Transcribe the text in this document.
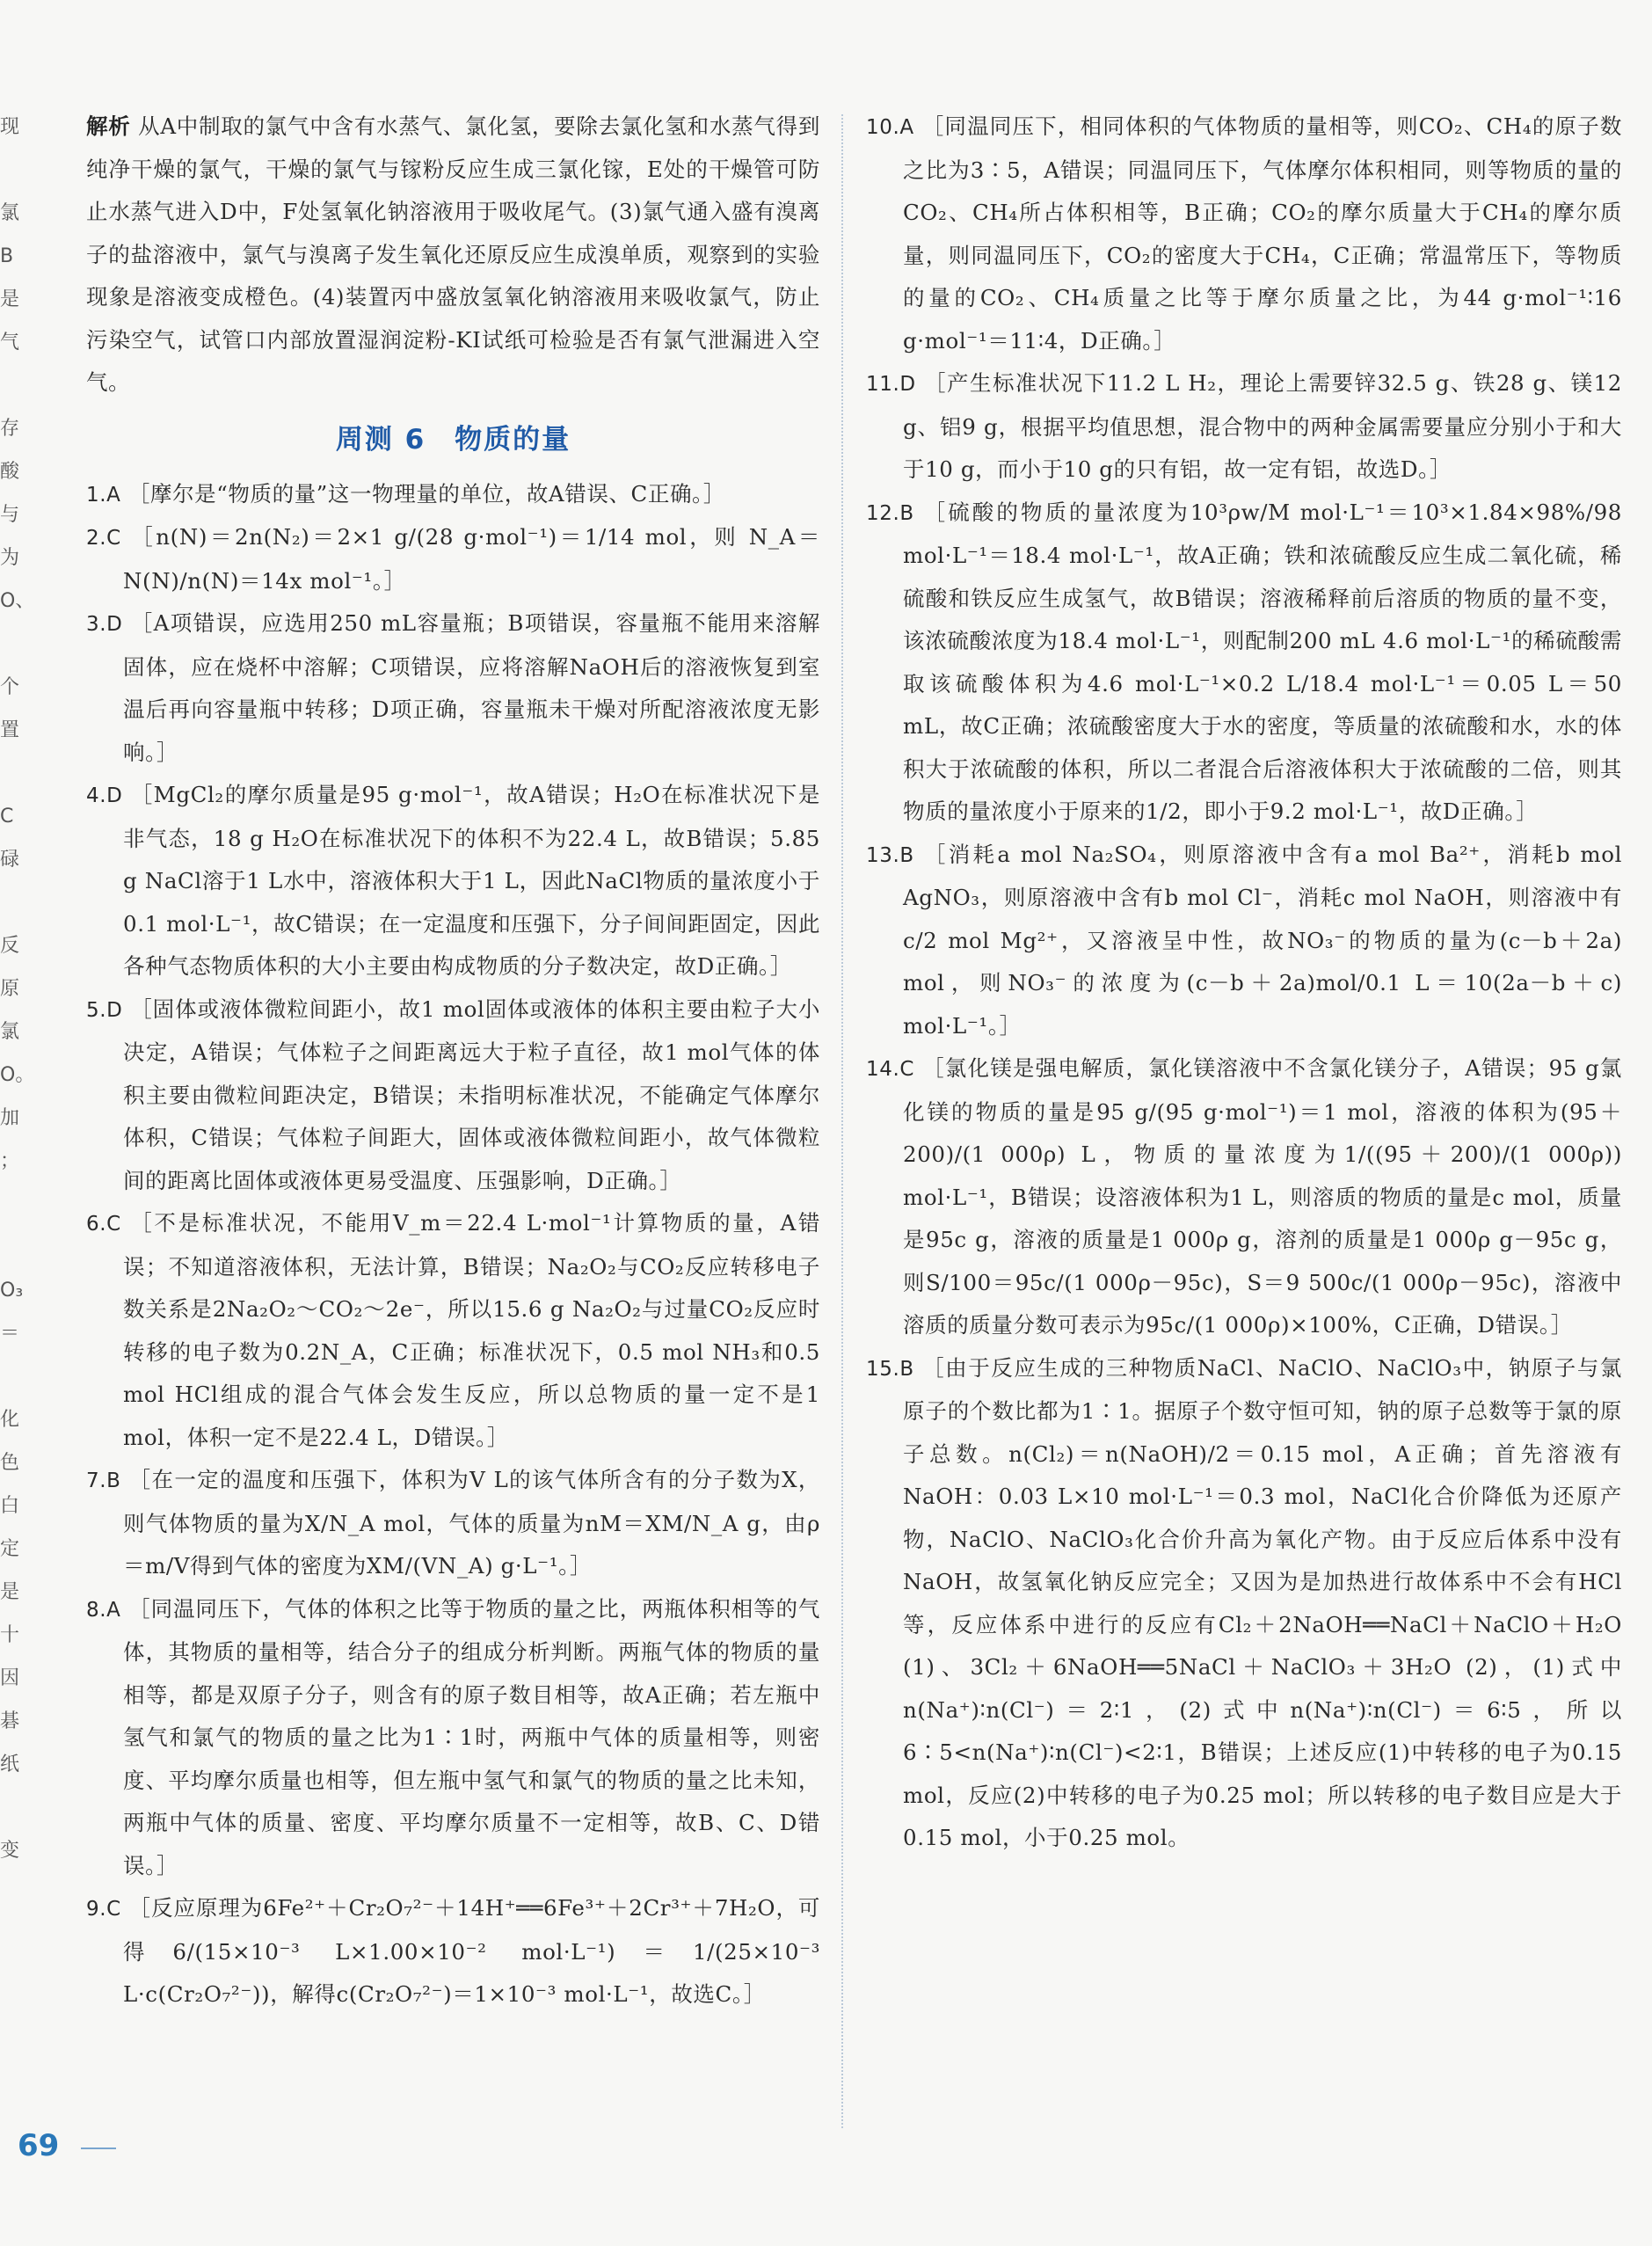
现

氯
B
是
气

存
酸
与
为
O、

个
置

C
碌

反
原
氯
O。
加
；

O₃
＝

化
色
白
定
是
十
因
碁
纸

变

解析 从A中制取的氯气中含有水蒸气、氯化氢，要除去氯化氢和水蒸气得到纯净干燥的氯气，干燥的氯气与镓粉反应生成三氯化镓，E处的干燥管可防止水蒸气进入D中，F处氢氧化钠溶液用于吸收尾气。(3)氯气通入盛有溴离子的盐溶液中，氯气与溴离子发生氧化还原反应生成溴单质，观察到的实验现象是溶液变成橙色。(4)装置丙中盛放氢氧化钠溶液用来吸收氯气，防止污染空气，试管口内部放置湿润淀粉-KI试纸可检验是否有氯气泄漏进入空气。

周测 6　物质的量

1.A ［摩尔是“物质的量”这一物理量的单位，故A错误、C正确。］

2.C ［n(N)＝2n(N₂)＝2×1 g/(28 g·mol⁻¹)＝1/14 mol，则 N_A＝N(N)/n(N)＝14x mol⁻¹。］

3.D ［A项错误，应选用250 mL容量瓶；B项错误，容量瓶不能用来溶解固体，应在烧杯中溶解；C项错误，应将溶解NaOH后的溶液恢复到室温后再向容量瓶中转移；D项正确，容量瓶未干燥对所配溶液浓度无影响。］

4.D ［MgCl₂的摩尔质量是95 g·mol⁻¹，故A错误；H₂O在标准状况下是非气态，18 g H₂O在标准状况下的体积不为22.4 L，故B错误；5.85 g NaCl溶于1 L水中，溶液体积大于1 L，因此NaCl物质的量浓度小于0.1 mol·L⁻¹，故C错误；在一定温度和压强下，分子间间距固定，因此各种气态物质体积的大小主要由构成物质的分子数决定，故D正确。］

5.D ［固体或液体微粒间距小，故1 mol固体或液体的体积主要由粒子大小决定，A错误；气体粒子之间距离远大于粒子直径，故1 mol气体的体积主要由微粒间距决定，B错误；未指明标准状况，不能确定气体摩尔体积，C错误；气体粒子间距大，固体或液体微粒间距小，故气体微粒间的距离比固体或液体更易受温度、压强影响，D正确。］

6.C ［不是标准状况，不能用V_m＝22.4 L·mol⁻¹计算物质的量，A错误；不知道溶液体积，无法计算，B错误；Na₂O₂与CO₂反应转移电子数关系是2Na₂O₂～CO₂～2e⁻，所以15.6 g Na₂O₂与过量CO₂反应时转移的电子数为0.2N_A，C正确；标准状况下，0.5 mol NH₃和0.5 mol HCl组成的混合气体会发生反应，所以总物质的量一定不是1 mol，体积一定不是22.4 L，D错误。］

7.B ［在一定的温度和压强下，体积为V L的该气体所含有的分子数为X，则气体物质的量为X/N_A mol，气体的质量为nM＝XM/N_A g，由ρ＝m/V得到气体的密度为XM/(VN_A) g·L⁻¹。］

8.A ［同温同压下，气体的体积之比等于物质的量之比，两瓶体积相等的气体，其物质的量相等，结合分子的组成分析判断。两瓶气体的物质的量相等，都是双原子分子，则含有的原子数目相等，故A正确；若左瓶中氢气和氯气的物质的量之比为1∶1时，两瓶中气体的质量相等，则密度、平均摩尔质量也相等，但左瓶中氢气和氯气的物质的量之比未知，两瓶中气体的质量、密度、平均摩尔质量不一定相等，故B、C、D错误。］

9.C ［反应原理为6Fe²⁺＋Cr₂O₇²⁻＋14H⁺══6Fe³⁺＋2Cr³⁺＋7H₂O，可得6/(15×10⁻³ L×1.00×10⁻² mol·L⁻¹)＝1/(25×10⁻³ L·c(Cr₂O₇²⁻))，解得c(Cr₂O₇²⁻)＝1×10⁻³ mol·L⁻¹，故选C。］

10.A ［同温同压下，相同体积的气体物质的量相等，则CO₂、CH₄的原子数之比为3∶5，A错误；同温同压下，气体摩尔体积相同，则等物质的量的CO₂、CH₄所占体积相等，B正确；CO₂的摩尔质量大于CH₄的摩尔质量，则同温同压下，CO₂的密度大于CH₄，C正确；常温常压下，等物质的量的CO₂、CH₄质量之比等于摩尔质量之比，为44 g·mol⁻¹∶16 g·mol⁻¹＝11∶4，D正确。］

11.D ［产生标准状况下11.2 L H₂，理论上需要锌32.5 g、铁28 g、镁12 g、铝9 g，根据平均值思想，混合物中的两种金属需要量应分别小于和大于10 g，而小于10 g的只有铝，故一定有铝，故选D。］

12.B ［硫酸的物质的量浓度为10³ρw/M mol·L⁻¹＝10³×1.84×98%/98 mol·L⁻¹＝18.4 mol·L⁻¹，故A正确；铁和浓硫酸反应生成二氧化硫，稀硫酸和铁反应生成氢气，故B错误；溶液稀释前后溶质的物质的量不变，该浓硫酸浓度为18.4 mol·L⁻¹，则配制200 mL 4.6 mol·L⁻¹的稀硫酸需取该硫酸体积为4.6 mol·L⁻¹×0.2 L/18.4 mol·L⁻¹＝0.05 L＝50 mL，故C正确；浓硫酸密度大于水的密度，等质量的浓硫酸和水，水的体积大于浓硫酸的体积，所以二者混合后溶液体积大于浓硫酸的二倍，则其物质的量浓度小于原来的1/2，即小于9.2 mol·L⁻¹，故D正确。］

13.B ［消耗a mol Na₂SO₄，则原溶液中含有a mol Ba²⁺，消耗b mol AgNO₃，则原溶液中含有b mol Cl⁻，消耗c mol NaOH，则溶液中有c/2 mol Mg²⁺，又溶液呈中性，故NO₃⁻的物质的量为(c－b＋2a) mol，则NO₃⁻的浓度为(c－b＋2a)mol/0.1 L＝10(2a－b＋c) mol·L⁻¹。］

14.C ［氯化镁是强电解质，氯化镁溶液中不含氯化镁分子，A错误；95 g氯化镁的物质的量是95 g/(95 g·mol⁻¹)＝1 mol，溶液的体积为(95＋200)/(1 000ρ) L，物质的量浓度为1/((95＋200)/(1 000ρ)) mol·L⁻¹，B错误；设溶液体积为1 L，则溶质的物质的量是c mol，质量是95c g，溶液的质量是1 000ρ g，溶剂的质量是1 000ρ g－95c g，则S/100＝95c/(1 000ρ－95c)，S＝9 500c/(1 000ρ－95c)，溶液中溶质的质量分数可表示为95c/(1 000ρ)×100%，C正确，D错误。］

15.B ［由于反应生成的三种物质NaCl、NaClO、NaClO₃中，钠原子与氯原子的个数比都为1∶1。据原子个数守恒可知，钠的原子总数等于氯的原子总数。n(Cl₂)＝n(NaOH)/2＝0.15 mol，A正确；首先溶液有NaOH：0.03 L×10 mol·L⁻¹＝0.3 mol，NaCl化合价降低为还原产物，NaClO、NaClO₃化合价升高为氧化产物。由于反应后体系中没有NaOH，故氢氧化钠反应完全；又因为是加热进行故体系中不会有HCl等，反应体系中进行的反应有Cl₂＋2NaOH══NaCl＋NaClO＋H₂O (1)、3Cl₂＋6NaOH══5NaCl＋NaClO₃＋3H₂O (2)，(1)式中n(Na⁺)∶n(Cl⁻)＝2∶1，(2)式中n(Na⁺)∶n(Cl⁻)＝6∶5，所以6∶5<n(Na⁺)∶n(Cl⁻)<2∶1，B错误；上述反应(1)中转移的电子为0.15 mol，反应(2)中转移的电子为0.25 mol；所以转移的电子数目应是大于0.15 mol，小于0.25 mol。

69
